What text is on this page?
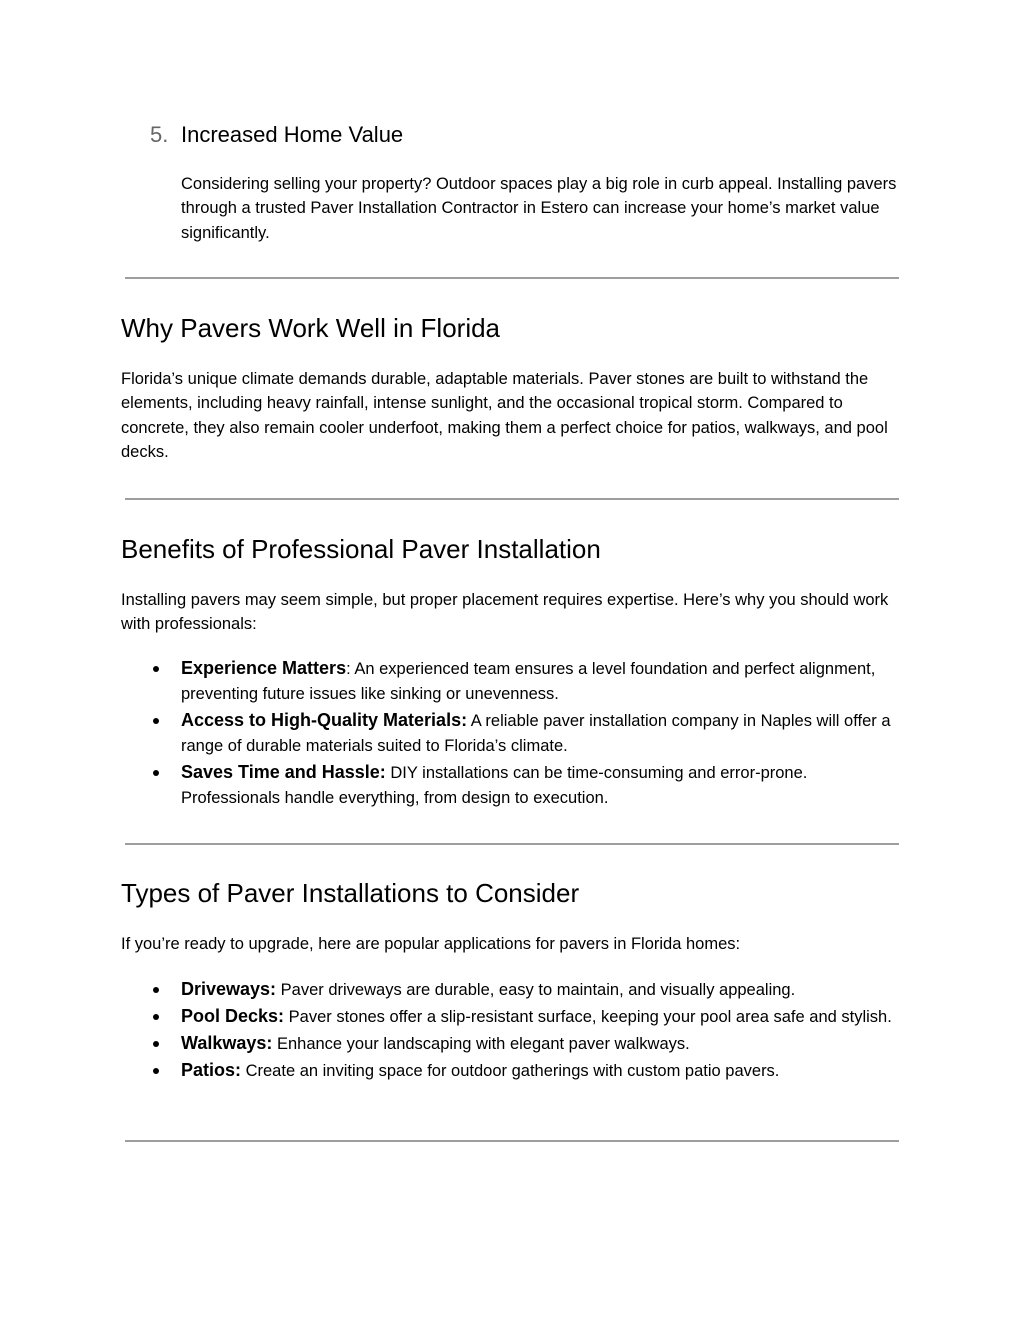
5. Increased Home Value

Considering selling your property? Outdoor spaces play a big role in curb appeal. Installing pavers through a trusted Paver Installation Contractor in Estero can increase your home’s market value significantly.

Why Pavers Work Well in Florida

Florida’s unique climate demands durable, adaptable materials. Paver stones are built to withstand the elements, including heavy rainfall, intense sunlight, and the occasional tropical storm. Compared to concrete, they also remain cooler underfoot, making them a perfect choice for patios, walkways, and pool decks.

Benefits of Professional Paver Installation

Installing pavers may seem simple, but proper placement requires expertise. Here’s why you should work with professionals:

Experience Matters: An experienced team ensures a level foundation and perfect alignment, preventing future issues like sinking or unevenness.
Access to High-Quality Materials: A reliable paver installation company in Naples will offer a range of durable materials suited to Florida’s climate.
Saves Time and Hassle: DIY installations can be time-consuming and error-prone. Professionals handle everything, from design to execution.
Types of Paver Installations to Consider

If you’re ready to upgrade, here are popular applications for pavers in Florida homes:

Driveways: Paver driveways are durable, easy to maintain, and visually appealing.
Pool Decks: Paver stones offer a slip-resistant surface, keeping your pool area safe and stylish.
Walkways: Enhance your landscaping with elegant paver walkways.
Patios: Create an inviting space for outdoor gatherings with custom patio pavers.
